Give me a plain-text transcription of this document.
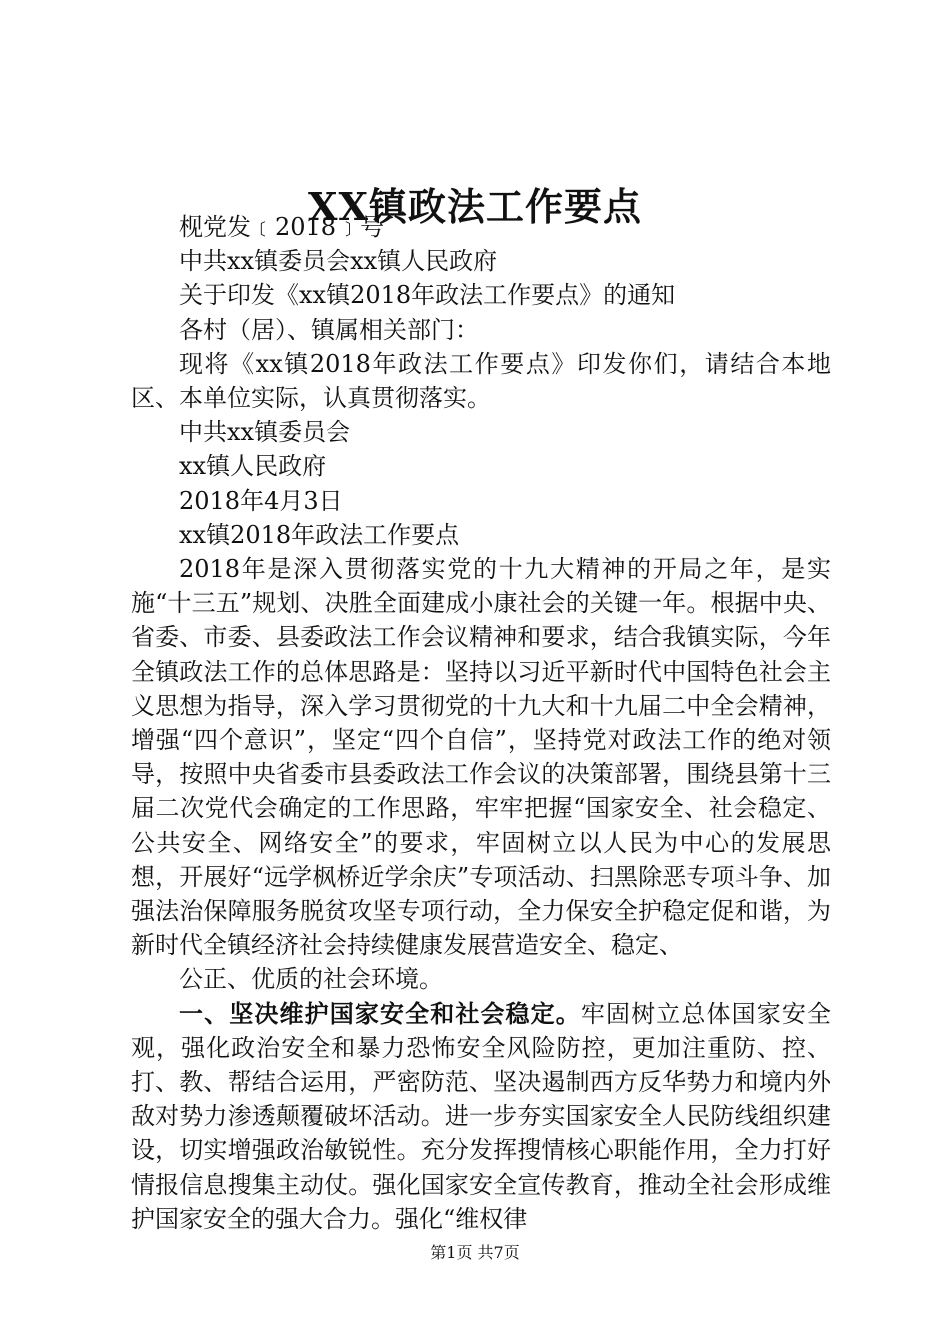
XX镇政法工作要点

枧党发﹝2018﹞号

中共xx镇委员会xx镇人民政府

关于印发《xx镇2018年政法工作要点》的通知

各村（居）、镇属相关部门：

现将《xx镇2018年政法工作要点》印发你们，请结合本地区、本单位实际，认真贯彻落实。

中共xx镇委员会

xx镇人民政府

2018年4月3日

xx镇2018年政法工作要点

2018年是深入贯彻落实党的十九大精神的开局之年，是实施“十三五”规划、决胜全面建成小康社会的关键一年。根据中央、省委、市委、县委政法工作会议精神和要求，结合我镇实际，今年全镇政法工作的总体思路是：坚持以习近平新时代中国特色社会主义思想为指导，深入学习贯彻党的十九大和十九届二中全会精神，增强“四个意识”，坚定“四个自信”，坚持党对政法工作的绝对领导，按照中央省委市县委政法工作会议的决策部署，围绕县第十三届二次党代会确定的工作思路，牢牢把握“国家安全、社会稳定、公共安全、网络安全”的要求，牢固树立以人民为中心的发展思想，开展好“远学枫桥近学余庆”专项活动、扫黑除恶专项斗争、加强法治保障服务脱贫攻坚专项行动，全力保安全护稳定促和谐，为新时代全镇经济社会持续健康发展营造安全、稳定、

公正、优质的社会环境。

一、坚决维护国家安全和社会稳定。牢固树立总体国家安全观，强化政治安全和暴力恐怖安全风险防控，更加注重防、控、打、教、帮结合运用，严密防范、坚决遏制西方反华势力和境内外敌对势力渗透颠覆破坏活动。进一步夯实国家安全人民防线组织建设，切实增强政治敏锐性。充分发挥搜情核心职能作用，全力打好情报信息搜集主动仗。强化国家安全宣传教育，推动全社会形成维护国家安全的强大合力。强化“维权律

第1页 共7页
